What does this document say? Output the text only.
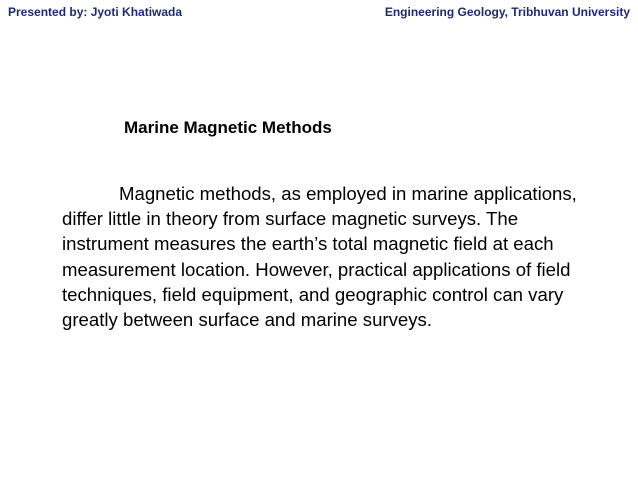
Presented by: Jyoti Khatiwada	Engineering Geology, Tribhuvan University
Marine Magnetic Methods
Magnetic methods, as employed in marine applications, differ little in theory from surface magnetic surveys. The instrument measures the earth’s total magnetic field at each measurement location. However, practical applications of field techniques, field equipment, and geographic control can vary greatly between surface and marine surveys.
